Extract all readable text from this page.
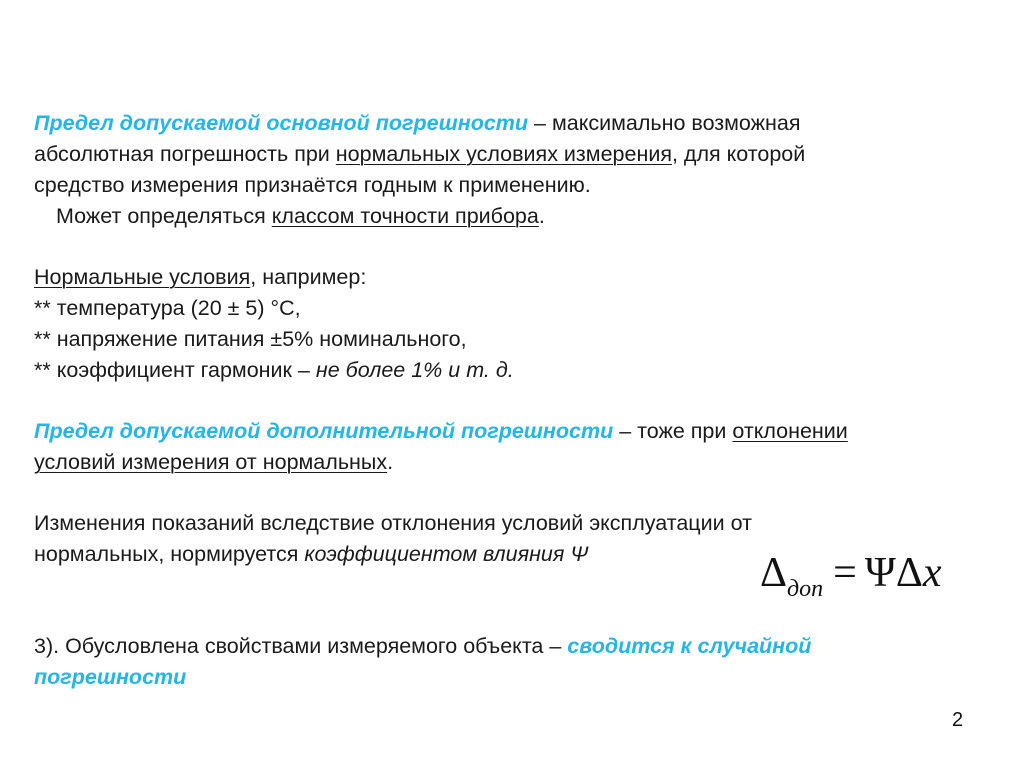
Предел допускаемой основной погрешности – максимально возможная
абсолютная погрешность при нормальных условиях измерения, для которой
средство измерения признаётся годным к применению.
Может определяться классом точности прибора.
Нормальные условия, например:
** температура (20 ± 5) °С,
** напряжение питания ±5% номинального,
** коэффициент гармоник – не более 1% и т. д.
Предел допускаемой дополнительной погрешности – тоже при отклонении
условий измерения от нормальных.
Изменения показаний вследствие отклонения условий эксплуатации от
нормальных, нормируется коэффициентом влияния Ψ	$\Delta_{доп} = \Psi\Delta x$
3). Обусловлена свойствами измеряемого объекта – сводится к случайной
погрешности
2
